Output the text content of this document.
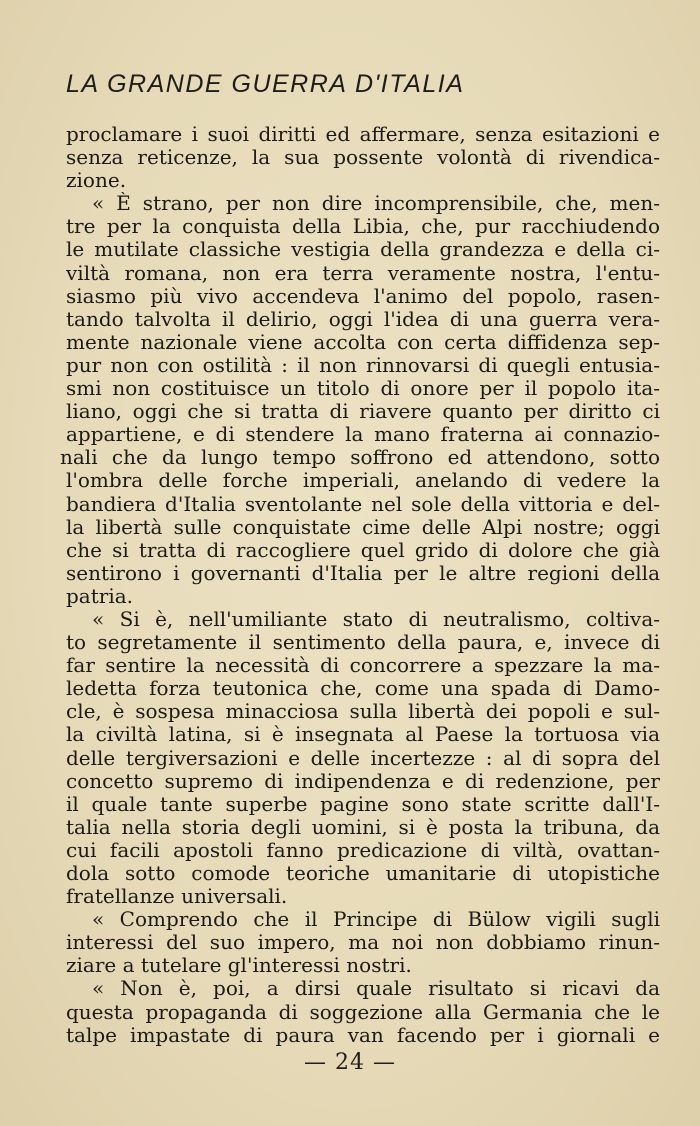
LA GRANDE GUERRA D'ITALIA
proclamare i suoi diritti ed affermare, senza esitazioni e
senza reticenze, la sua possente volontà di rivendica-
zione.
« È strano, per non dire incomprensibile, che, men-
tre per la conquista della Libia, che, pur racchiudendo
le mutilate classiche vestigia della grandezza e della ci-
viltà romana, non era terra veramente nostra, l'entu-
siasmo più vivo accendeva l'animo del popolo, rasen-
tando talvolta il delirio, oggi l'idea di una guerra vera-
mente nazionale viene accolta con certa diffidenza sep-
pur non con ostilità : il non rinnovarsi di quegli entusia-
smi non costituisce un titolo di onore per il popolo ita-
liano, oggi che si tratta di riavere quanto per diritto ci
appartiene, e di stendere la mano fraterna ai connazio-
nali che da lungo tempo soffrono ed attendono, sotto
l'ombra delle forche imperiali, anelando di vedere la
bandiera d'Italia sventolante nel sole della vittoria e del-
la libertà sulle conquistate cime delle Alpi nostre; oggi
che si tratta di raccogliere quel grido di dolore che già
sentirono i governanti d'Italia per le altre regioni della
patria.
« Si è, nell'umiliante stato di neutralismo, coltiva-
to segretamente il sentimento della paura, e, invece di
far sentire la necessità di concorrere a spezzare la ma-
ledetta forza teutonica che, come una spada di Damo-
cle, è sospesa minacciosa sulla libertà dei popoli e sul-
la civiltà latina, si è insegnata al Paese la tortuosa via
delle tergiversazioni e delle incertezze : al di sopra del
concetto supremo di indipendenza e di redenzione, per
il quale tante superbe pagine sono state scritte dall'I-
talia nella storia degli uomini, si è posta la tribuna, da
cui facili apostoli fanno predicazione di viltà, ovattan-
dola sotto comode teoriche umanitarie di utopistiche
fratellanze universali.
« Comprendo che il Principe di Bülow vigili sugli
interessi del suo impero, ma noi non dobbiamo rinun-
ziare a tutelare gl'interessi nostri.
« Non è, poi, a dirsi quale risultato si ricavi da
questa propaganda di soggezione alla Germania che le
talpe impastate di paura van facendo per i giornali e
— 24 —
